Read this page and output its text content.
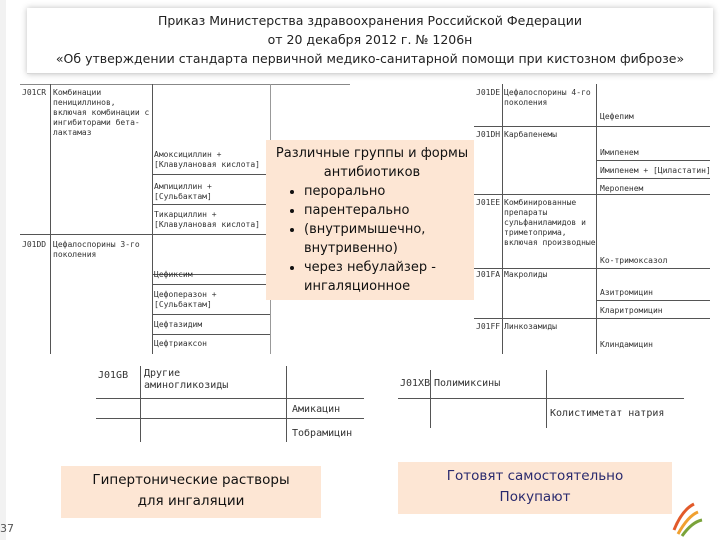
Приказ Министерства здравоохранения Российской Федерации
от 20 декабря 2012 г. № 1206н
«Об утверждении стандарта первичной медико-санитарной помощи при кистозном фиброзе»
J01CR Комбинации
пенициллинов,
включая комбинации с
ингибиторами бета-
лактамаз
Амоксициллин +
[Клавулановая кислота]
Ампициллин +
[Сульбактам]
Тикарциллин +
[Клавулановая кислота]
J01DD Цефалоспорины 3-го
поколения
Цефиксим
Цефоперазон +
[Сульбактам]
Цефтазидим
Цефтриаксон
J01DE Цефалоспорины 4-го
поколения
Цефепим
J01DH Карбапенемы
Имипенем
Имипенем + [Циластатин]
Меропенем
J01EE Комбинированные
препараты
сульфаниламидов и
триметоприма,
включая производные
Ко-тримоксазол
J01FA Макролиды
Азитромицин
Кларитромицин
J01FF Линкозамиды
Клиндамицин
Различные группы и формы антибиотиков
• перорально
• парентерально
• (внутримышечно, внутривенно)
• через небулайзер - ингаляционное
J01GB Другие
аминогликозиды
Амикацин
Тобрамицин
J01XB Полимиксины
Колистиметат натрия
Гипертонические растворы
для ингаляции
Готовят самостоятельно
Покупают
37
